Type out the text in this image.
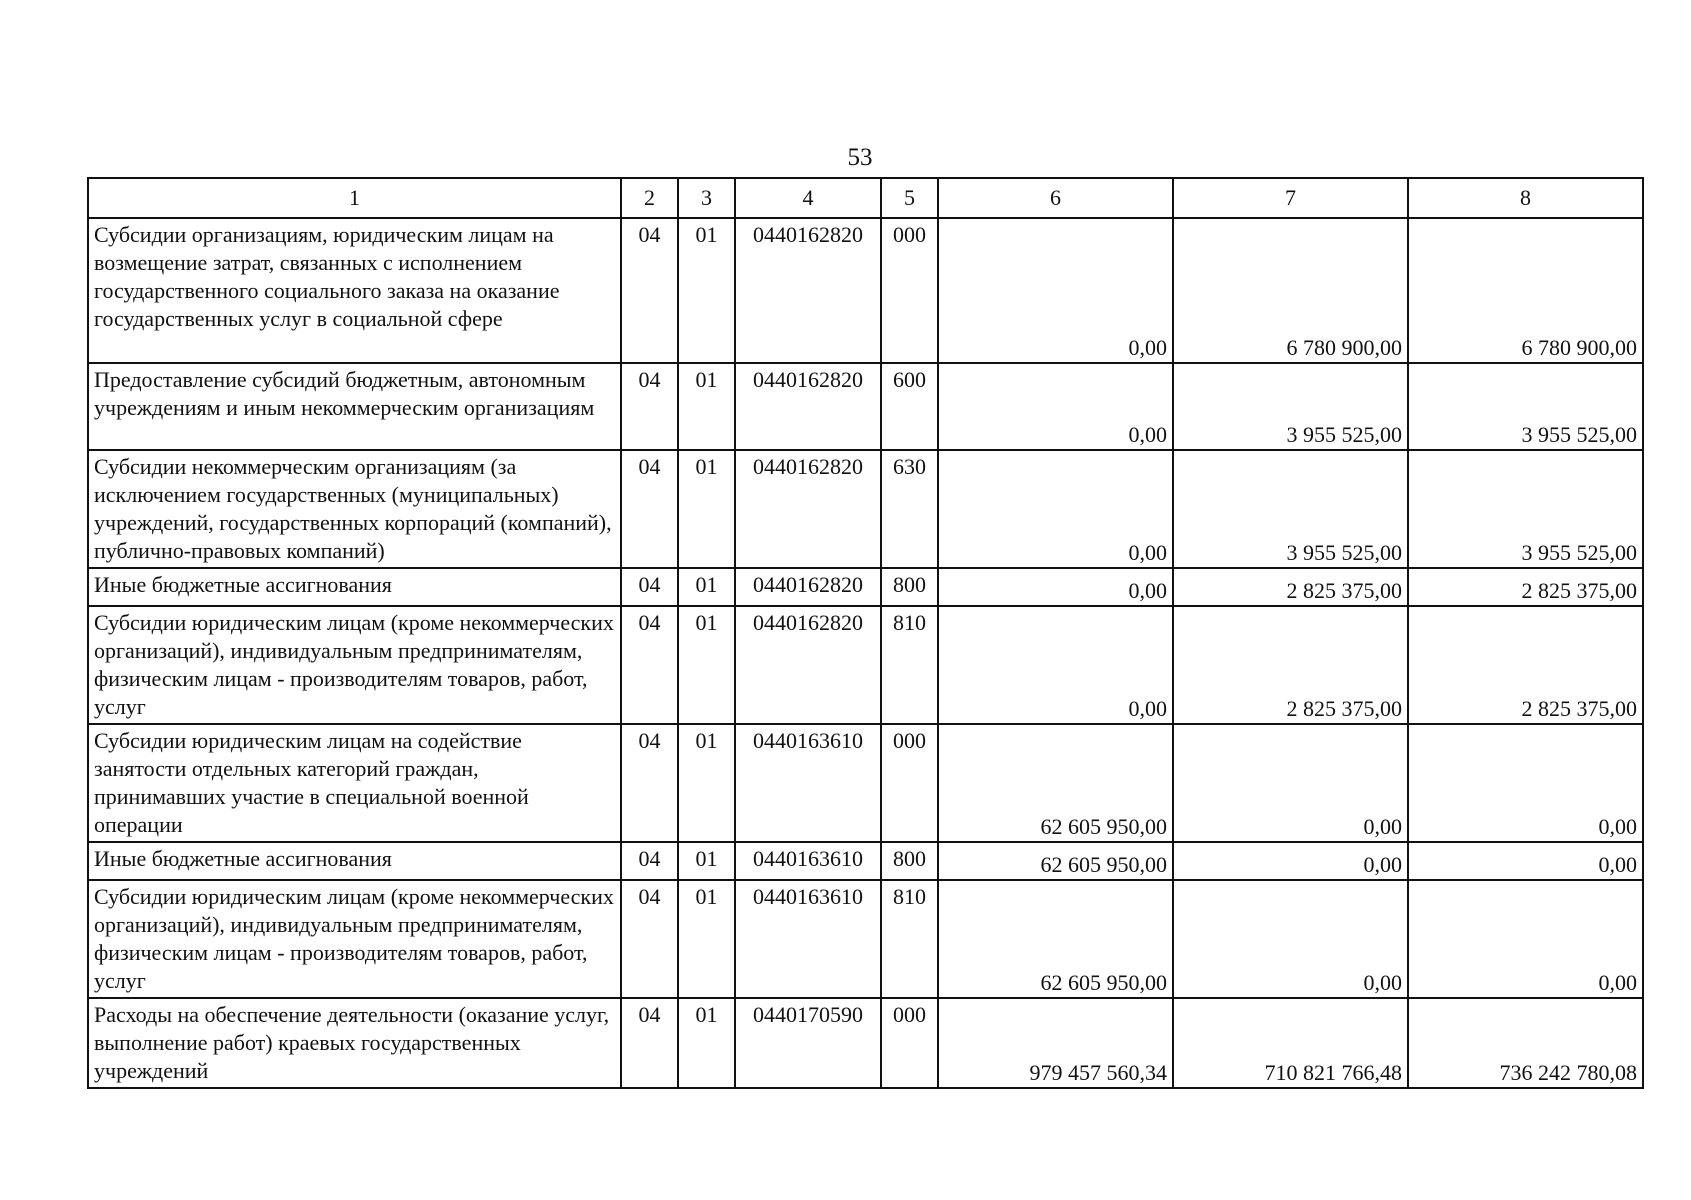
53
1	2	3	4	5	6	7	8
Субсидии организациям, юридическим лицам на возмещение затрат, связанных с исполнением государственного социального заказа на оказание государственных услуг в социальной сфере	04	01	0440162820	000	0,00	6 780 900,00	6 780 900,00
Предоставление субсидий бюджетным, автономным учреждениям и иным некоммерческим организациям	04	01	0440162820	600	0,00	3 955 525,00	3 955 525,00
Субсидии некоммерческим организациям (за исключением государственных (муниципальных) учреждений, государственных корпораций (компаний), публично-правовых компаний)	04	01	0440162820	630	0,00	3 955 525,00	3 955 525,00
Иные бюджетные ассигнования	04	01	0440162820	800	0,00	2 825 375,00	2 825 375,00
Субсидии юридическим лицам (кроме некоммерческих организаций), индивидуальным предпринимателям, физическим лицам - производителям товаров, работ, услуг	04	01	0440162820	810	0,00	2 825 375,00	2 825 375,00
Субсидии юридическим лицам на содействие занятости отдельных категорий граждан, принимавших участие в специальной военной операции	04	01	0440163610	000	62 605 950,00	0,00	0,00
Иные бюджетные ассигнования	04	01	0440163610	800	62 605 950,00	0,00	0,00
Субсидии юридическим лицам (кроме некоммерческих организаций), индивидуальным предпринимателям, физическим лицам - производителям товаров, работ, услуг	04	01	0440163610	810	62 605 950,00	0,00	0,00
Расходы на обеспечение деятельности (оказание услуг, выполнение работ) краевых государственных учреждений	04	01	0440170590	000	979 457 560,34	710 821 766,48	736 242 780,08
